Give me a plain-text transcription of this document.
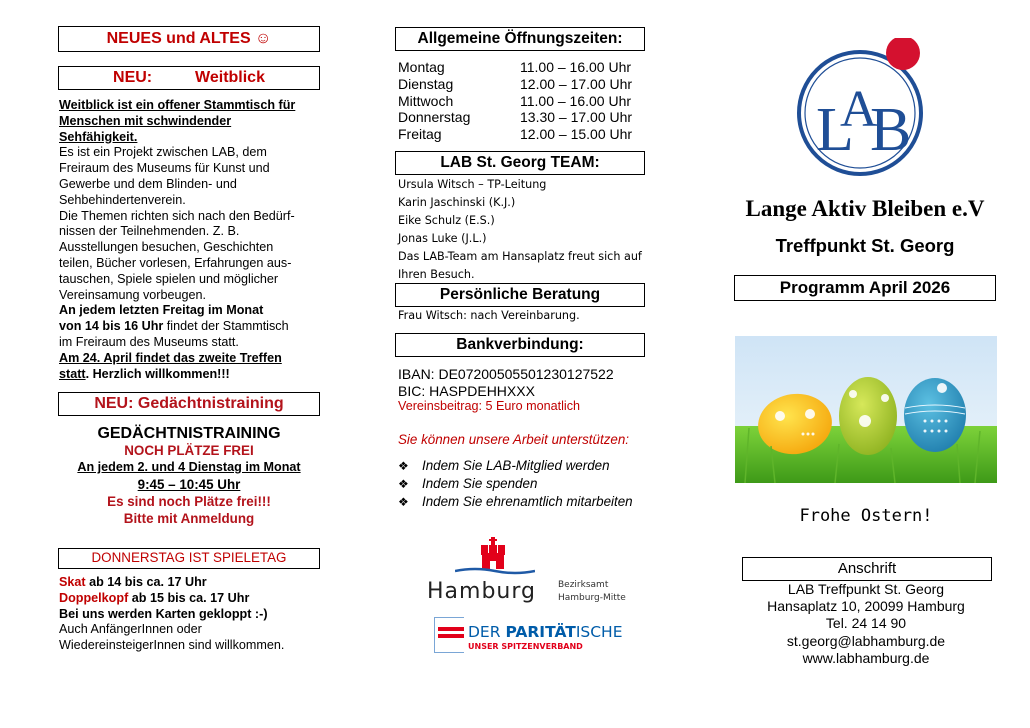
NEUES und ALTES ☺
NEU:	Weitblick
Weitblick ist ein offener Stammtisch für
Menschen mit schwindender
Sehfähigkeit.
Es ist ein Projekt zwischen LAB, dem
Freiraum des Museums für Kunst und
Gewerbe und dem Blinden- und
Sehbehindertenverein.
Die Themen richten sich nach den Bedürf-
nissen der Teilnehmenden. Z. B.
Ausstellungen besuchen, Geschichten
teilen, Bücher vorlesen, Erfahrungen aus-
tauschen, Spiele spielen und möglicher
Vereinsamung vorbeugen.
An jedem letzten Freitag im Monat
von 14 bis 16 Uhr findet der Stammtisch
im Freiraum des Museums statt.
Am 24. April findet das zweite Treffen
statt. Herzlich willkommen!!!
NEU: Gedächtnistraining
GEDÄCHTNISTRAINING
NOCH PLÄTZE FREI
An jedem 2. und 4 Dienstag im Monat
9:45 – 10:45 Uhr
Es sind noch Plätze frei!!!
Bitte mit Anmeldung
DONNERSTAG IST SPIELETAG
Skat ab 14 bis ca. 17 Uhr
Doppelkopf ab 15 bis ca. 17 Uhr
Bei uns werden Karten gekloppt :-)
Auch AnfängerInnen oder
WiedereinsteigerInnen sind willkommen.
Allgemeine Öffnungszeiten:
Montag	11.00 – 16.00 Uhr
Dienstag	12.00 – 17.00 Uhr
Mittwoch	11.00 – 16.00 Uhr
Donnerstag	13.30 – 17.00 Uhr
Freitag	12.00 – 15.00 Uhr
LAB St. Georg TEAM:
Ursula Witsch – TP-Leitung
Karin Jaschinski (K.J.)
Eike Schulz (E.S.)
Jonas Luke (J.L.)
Das LAB-Team am Hansaplatz freut sich auf
Ihren Besuch.
Persönliche Beratung
Frau Witsch: nach Vereinbarung.
Bankverbindung:
IBAN: DE07200505501230127522
BIC: HASPDEHHXXX
Vereinsbeitrag: 5 Euro monatlich
Sie können unsere Arbeit unterstützen:
❖ Indem Sie LAB-Mitglied werden
❖ Indem Sie spenden
❖ Indem Sie ehrenamtlich mitarbeiten
Hamburg Bezirksamt
Hamburg-Mitte
DER PARITÄTISCHE
UNSER SPITZENVERBAND
L
A
B
Lange Aktiv Bleiben e.V
Treffpunkt St. Georg
Programm April 2026
Frohe Ostern!
Anschrift
LAB Treffpunkt St. Georg
Hansaplatz 10, 20099 Hamburg
Tel. 24 14 90
st.georg@labhamburg.de
www.labhamburg.de
